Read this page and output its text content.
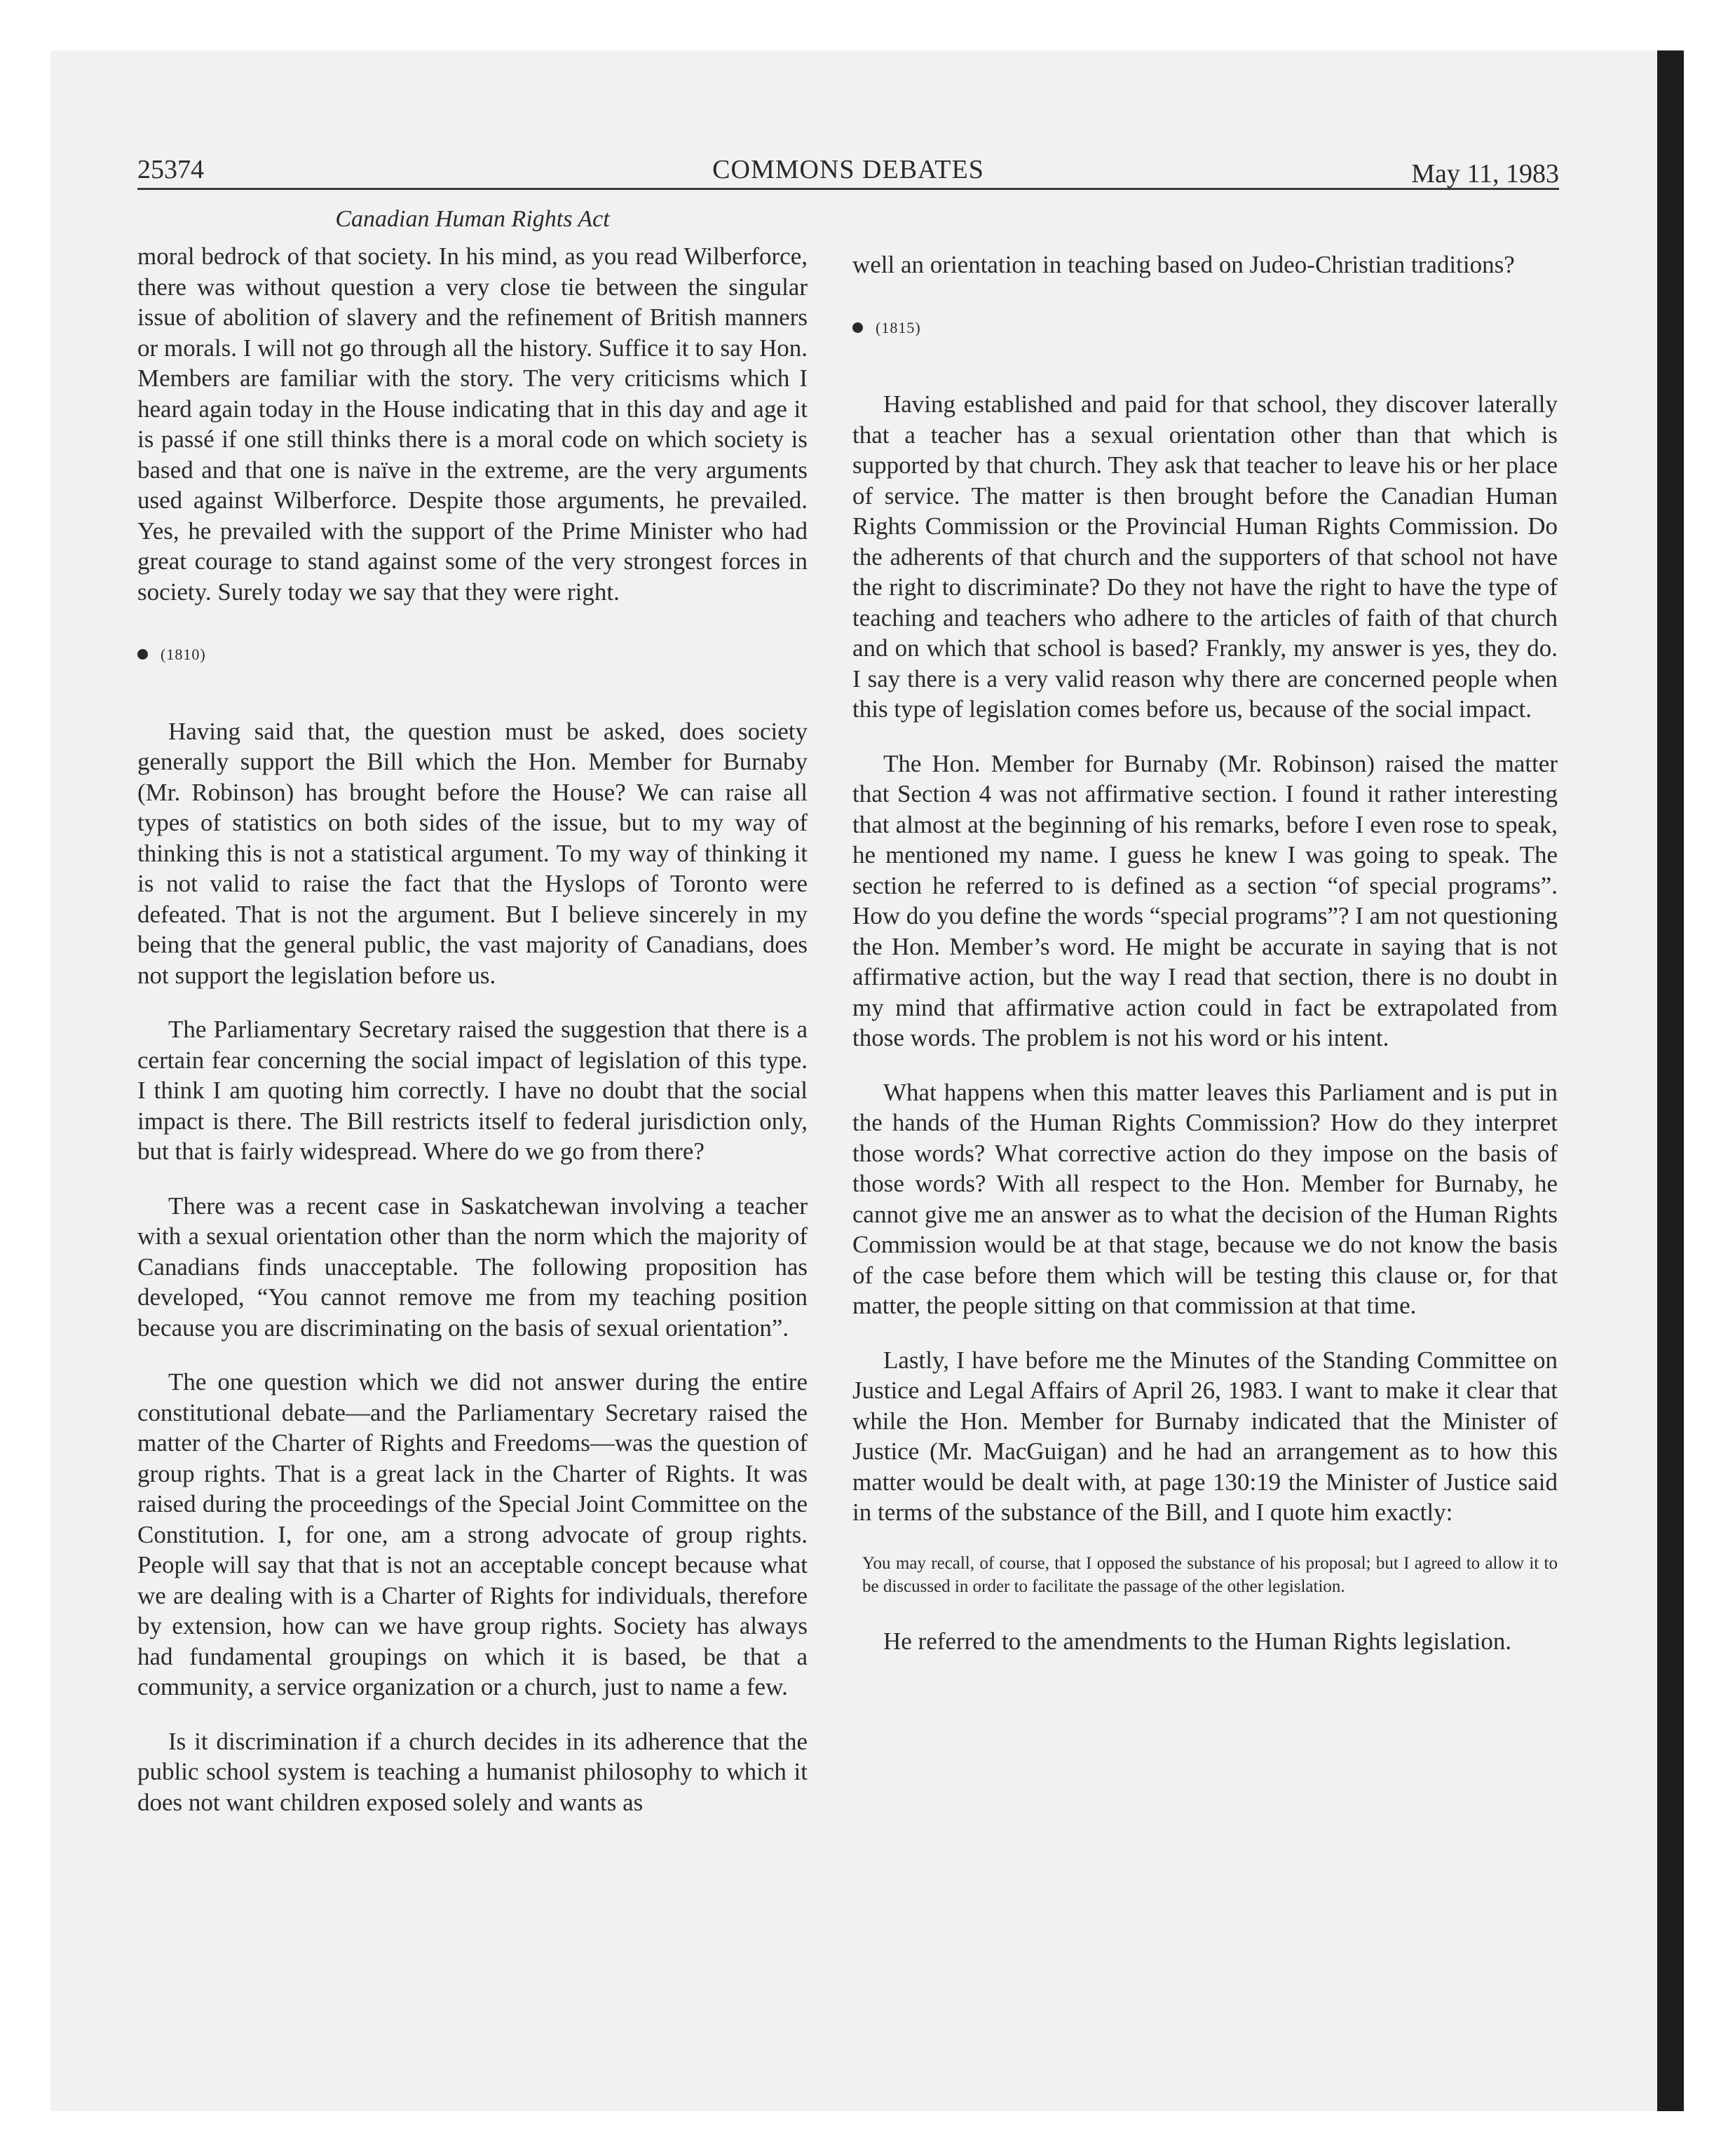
25374	COMMONS DEBATES	May 11, 1983
Canadian Human Rights Act

moral bedrock of that society. In his mind, as you read Wilberforce, there was without question a very close tie between the singular issue of abolition of slavery and the refinement of British manners or morals. I will not go through all the history. Suffice it to say Hon. Members are familiar with the story. The very criticisms which I heard again today in the House indicating that in this day and age it is passé if one still thinks there is a moral code on which society is based and that one is naïve in the extreme, are the very arguments used against Wilberforce. Despite those arguments, he prevailed. Yes, he prevailed with the support of the Prime Minister who had great courage to stand against some of the very strongest forces in society. Surely today we say that they were right.

(1810)

Having said that, the question must be asked, does society generally support the Bill which the Hon. Member for Burnaby (Mr. Robinson) has brought before the House? We can raise all types of statistics on both sides of the issue, but to my way of thinking this is not a statistical argument. To my way of thinking it is not valid to raise the fact that the Hyslops of Toronto were defeated. That is not the argument. But I believe sincerely in my being that the general public, the vast majority of Canadians, does not support the legislation before us.

The Parliamentary Secretary raised the suggestion that there is a certain fear concerning the social impact of legislation of this type. I think I am quoting him correctly. I have no doubt that the social impact is there. The Bill restricts itself to federal jurisdiction only, but that is fairly widespread. Where do we go from there?

There was a recent case in Saskatchewan involving a teacher with a sexual orientation other than the norm which the majority of Canadians finds unacceptable. The following proposition has developed, “You cannot remove me from my teaching position because you are discriminating on the basis of sexual orientation”.

The one question which we did not answer during the entire constitutional debate—and the Parliamentary Secretary raised the matter of the Charter of Rights and Freedoms—was the question of group rights. That is a great lack in the Charter of Rights. It was raised during the proceedings of the Special Joint Committee on the Constitution. I, for one, am a strong advocate of group rights. People will say that that is not an acceptable concept because what we are dealing with is a Charter of Rights for individuals, therefore by extension, how can we have group rights. Society has always had fundamental groupings on which it is based, be that a community, a service organization or a church, just to name a few.

Is it discrimination if a church decides in its adherence that the public school system is teaching a humanist philosophy to which it does not want children exposed solely and wants as

well an orientation in teaching based on Judeo-Christian traditions?

(1815)

Having established and paid for that school, they discover laterally that a teacher has a sexual orientation other than that which is supported by that church. They ask that teacher to leave his or her place of service. The matter is then brought before the Canadian Human Rights Commission or the Provincial Human Rights Commission. Do the adherents of that church and the supporters of that school not have the right to discriminate? Do they not have the right to have the type of teaching and teachers who adhere to the articles of faith of that church and on which that school is based? Frankly, my answer is yes, they do. I say there is a very valid reason why there are concerned people when this type of legislation comes before us, because of the social impact.

The Hon. Member for Burnaby (Mr. Robinson) raised the matter that Section 4 was not affirmative section. I found it rather interesting that almost at the beginning of his remarks, before I even rose to speak, he mentioned my name. I guess he knew I was going to speak. The section he referred to is defined as a section “of special programs”. How do you define the words “special programs”? I am not questioning the Hon. Member’s word. He might be accurate in saying that is not affirmative action, but the way I read that section, there is no doubt in my mind that affirmative action could in fact be extrapolated from those words. The problem is not his word or his intent.

What happens when this matter leaves this Parliament and is put in the hands of the Human Rights Commission? How do they interpret those words? What corrective action do they impose on the basis of those words? With all respect to the Hon. Member for Burnaby, he cannot give me an answer as to what the decision of the Human Rights Commission would be at that stage, because we do not know the basis of the case before them which will be testing this clause or, for that matter, the people sitting on that commission at that time.

Lastly, I have before me the Minutes of the Standing Committee on Justice and Legal Affairs of April 26, 1983. I want to make it clear that while the Hon. Member for Burnaby indicated that the Minister of Justice (Mr. MacGuigan) and he had an arrangement as to how this matter would be dealt with, at page 130:19 the Minister of Justice said in terms of the substance of the Bill, and I quote him exactly:

You may recall, of course, that I opposed the substance of his proposal; but I agreed to allow it to be discussed in order to facilitate the passage of the other legislation.

He referred to the amendments to the Human Rights legislation.
